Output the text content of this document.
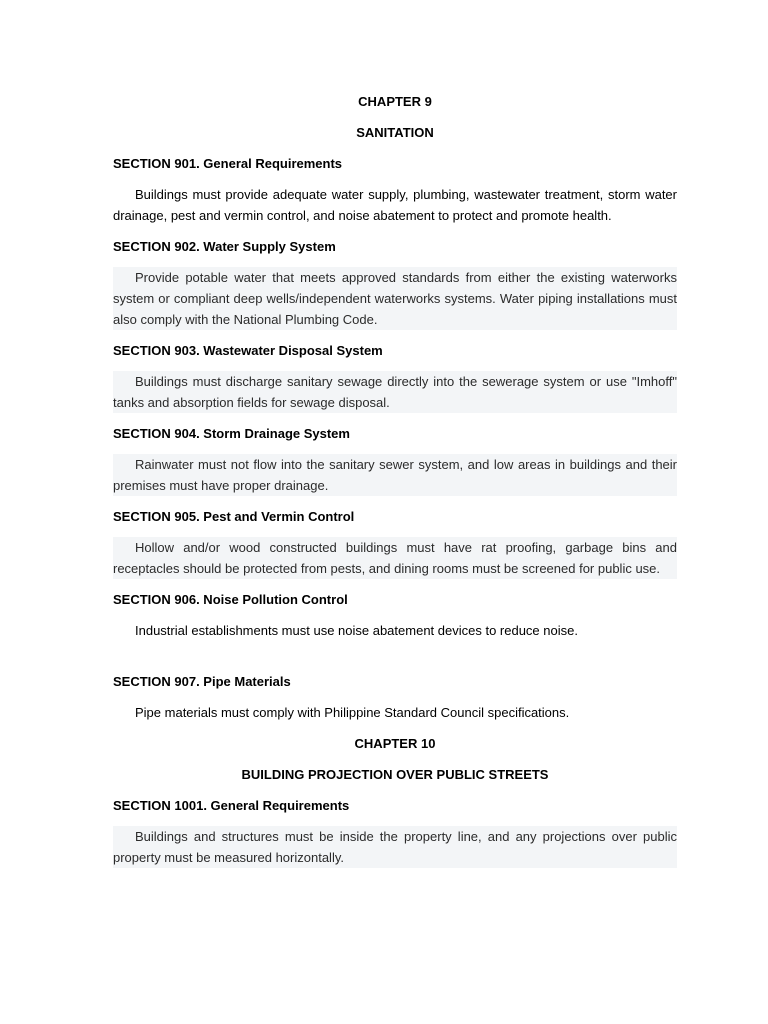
CHAPTER 9

SANITATION

SECTION 901. General Requirements

Buildings must provide adequate water supply, plumbing, wastewater treatment, storm water drainage, pest and vermin control, and noise abatement to protect and promote health.

SECTION 902. Water Supply System

Provide potable water that meets approved standards from either the existing waterworks system or compliant deep wells/independent waterworks systems. Water piping installations must also comply with the National Plumbing Code.

SECTION 903. Wastewater Disposal System

Buildings must discharge sanitary sewage directly into the sewerage system or use "Imhoff" tanks and absorption fields for sewage disposal.

SECTION 904. Storm Drainage System

Rainwater must not flow into the sanitary sewer system, and low areas in buildings and their premises must have proper drainage.

SECTION 905. Pest and Vermin Control

Hollow and/or wood constructed buildings must have rat proofing, garbage bins and receptacles should be protected from pests, and dining rooms must be screened for public use.

SECTION 906. Noise Pollution Control

Industrial establishments must use noise abatement devices to reduce noise.

SECTION 907. Pipe Materials

Pipe materials must comply with Philippine Standard Council specifications.

CHAPTER 10

BUILDING PROJECTION OVER PUBLIC STREETS

SECTION 1001. General Requirements

Buildings and structures must be inside the property line, and any projections over public property must be measured horizontally.
